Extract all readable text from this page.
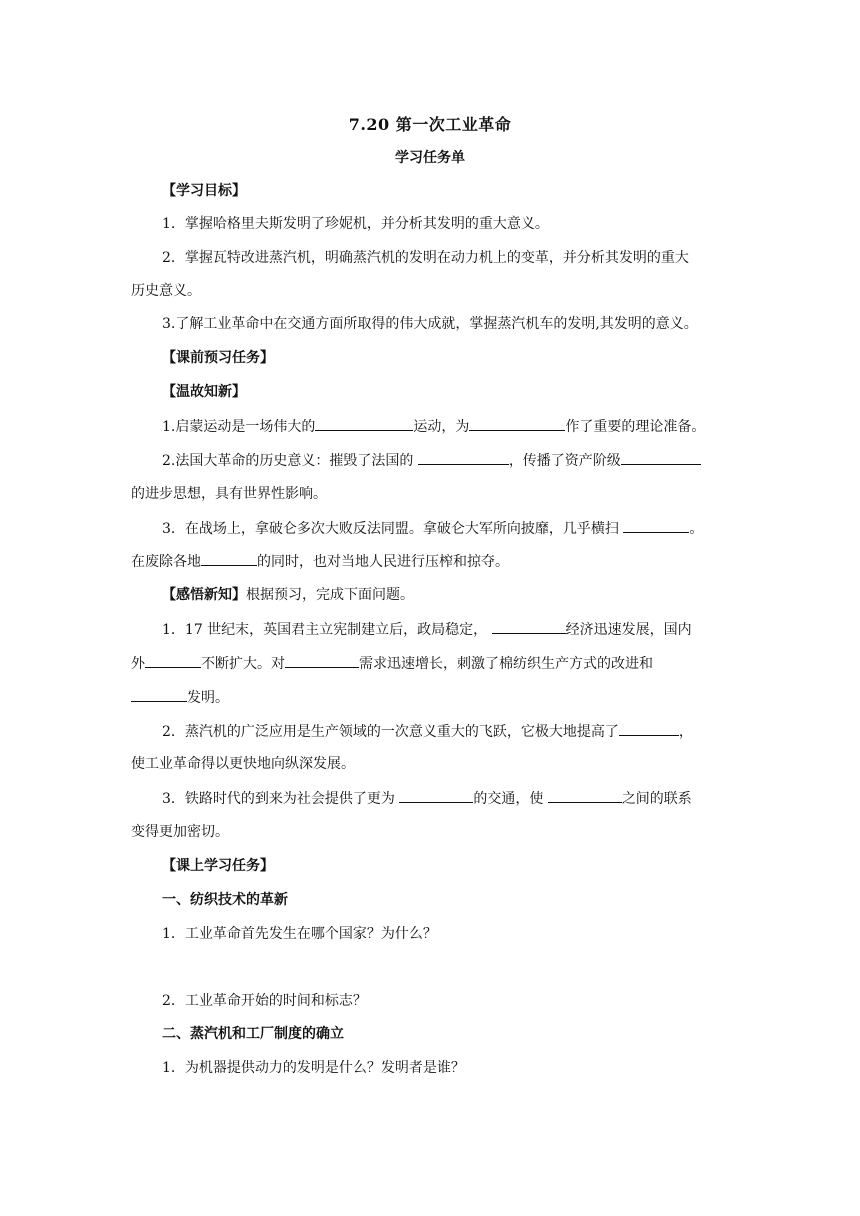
7.20 第一次工业革命
学习任务单
【学习目标】
1．掌握哈格里夫斯发明了珍妮机，并分析其发明的重大意义。
2．掌握瓦特改进蒸汽机，明确蒸汽机的发明在动力机上的变革，并分析其发明的重大
历史意义。
3.了解工业革命中在交通方面所取得的伟大成就，掌握蒸汽机车的发明,其发明的意义。
【课前预习任务】
【温故知新】
1.启蒙运动是一场伟大的	运动，为	作了重要的理论准备。
2.法国大革命的历史意义：摧毁了法国的	，传播了资产阶级
的进步思想，具有世界性影响。
3．在战场上，拿破仑多次大败反法同盟。拿破仑大军所向披靡，几乎横扫	。
在废除各地	的同时，也对当地人民进行压榨和掠夺。
【感悟新知】根据预习，完成下面问题。
1．17 世纪末，英国君主立宪制建立后，政局稳定，	经济迅速发展，国内
外	不断扩大。对	需求迅速增长，刺激了棉纺织生产方式的改进和
发明。
2．蒸汽机的广泛应用是生产领域的一次意义重大的飞跃，它极大地提高了	，
使工业革命得以更快地向纵深发展。
3．铁路时代的到来为社会提供了更为	的交通，使	之间的联系
变得更加密切。
【课上学习任务】
一、纺织技术的革新
1．工业革命首先发生在哪个国家？为什么？
2．工业革命开始的时间和标志？
二、蒸汽机和工厂制度的确立
1．为机器提供动力的发明是什么？发明者是谁？
